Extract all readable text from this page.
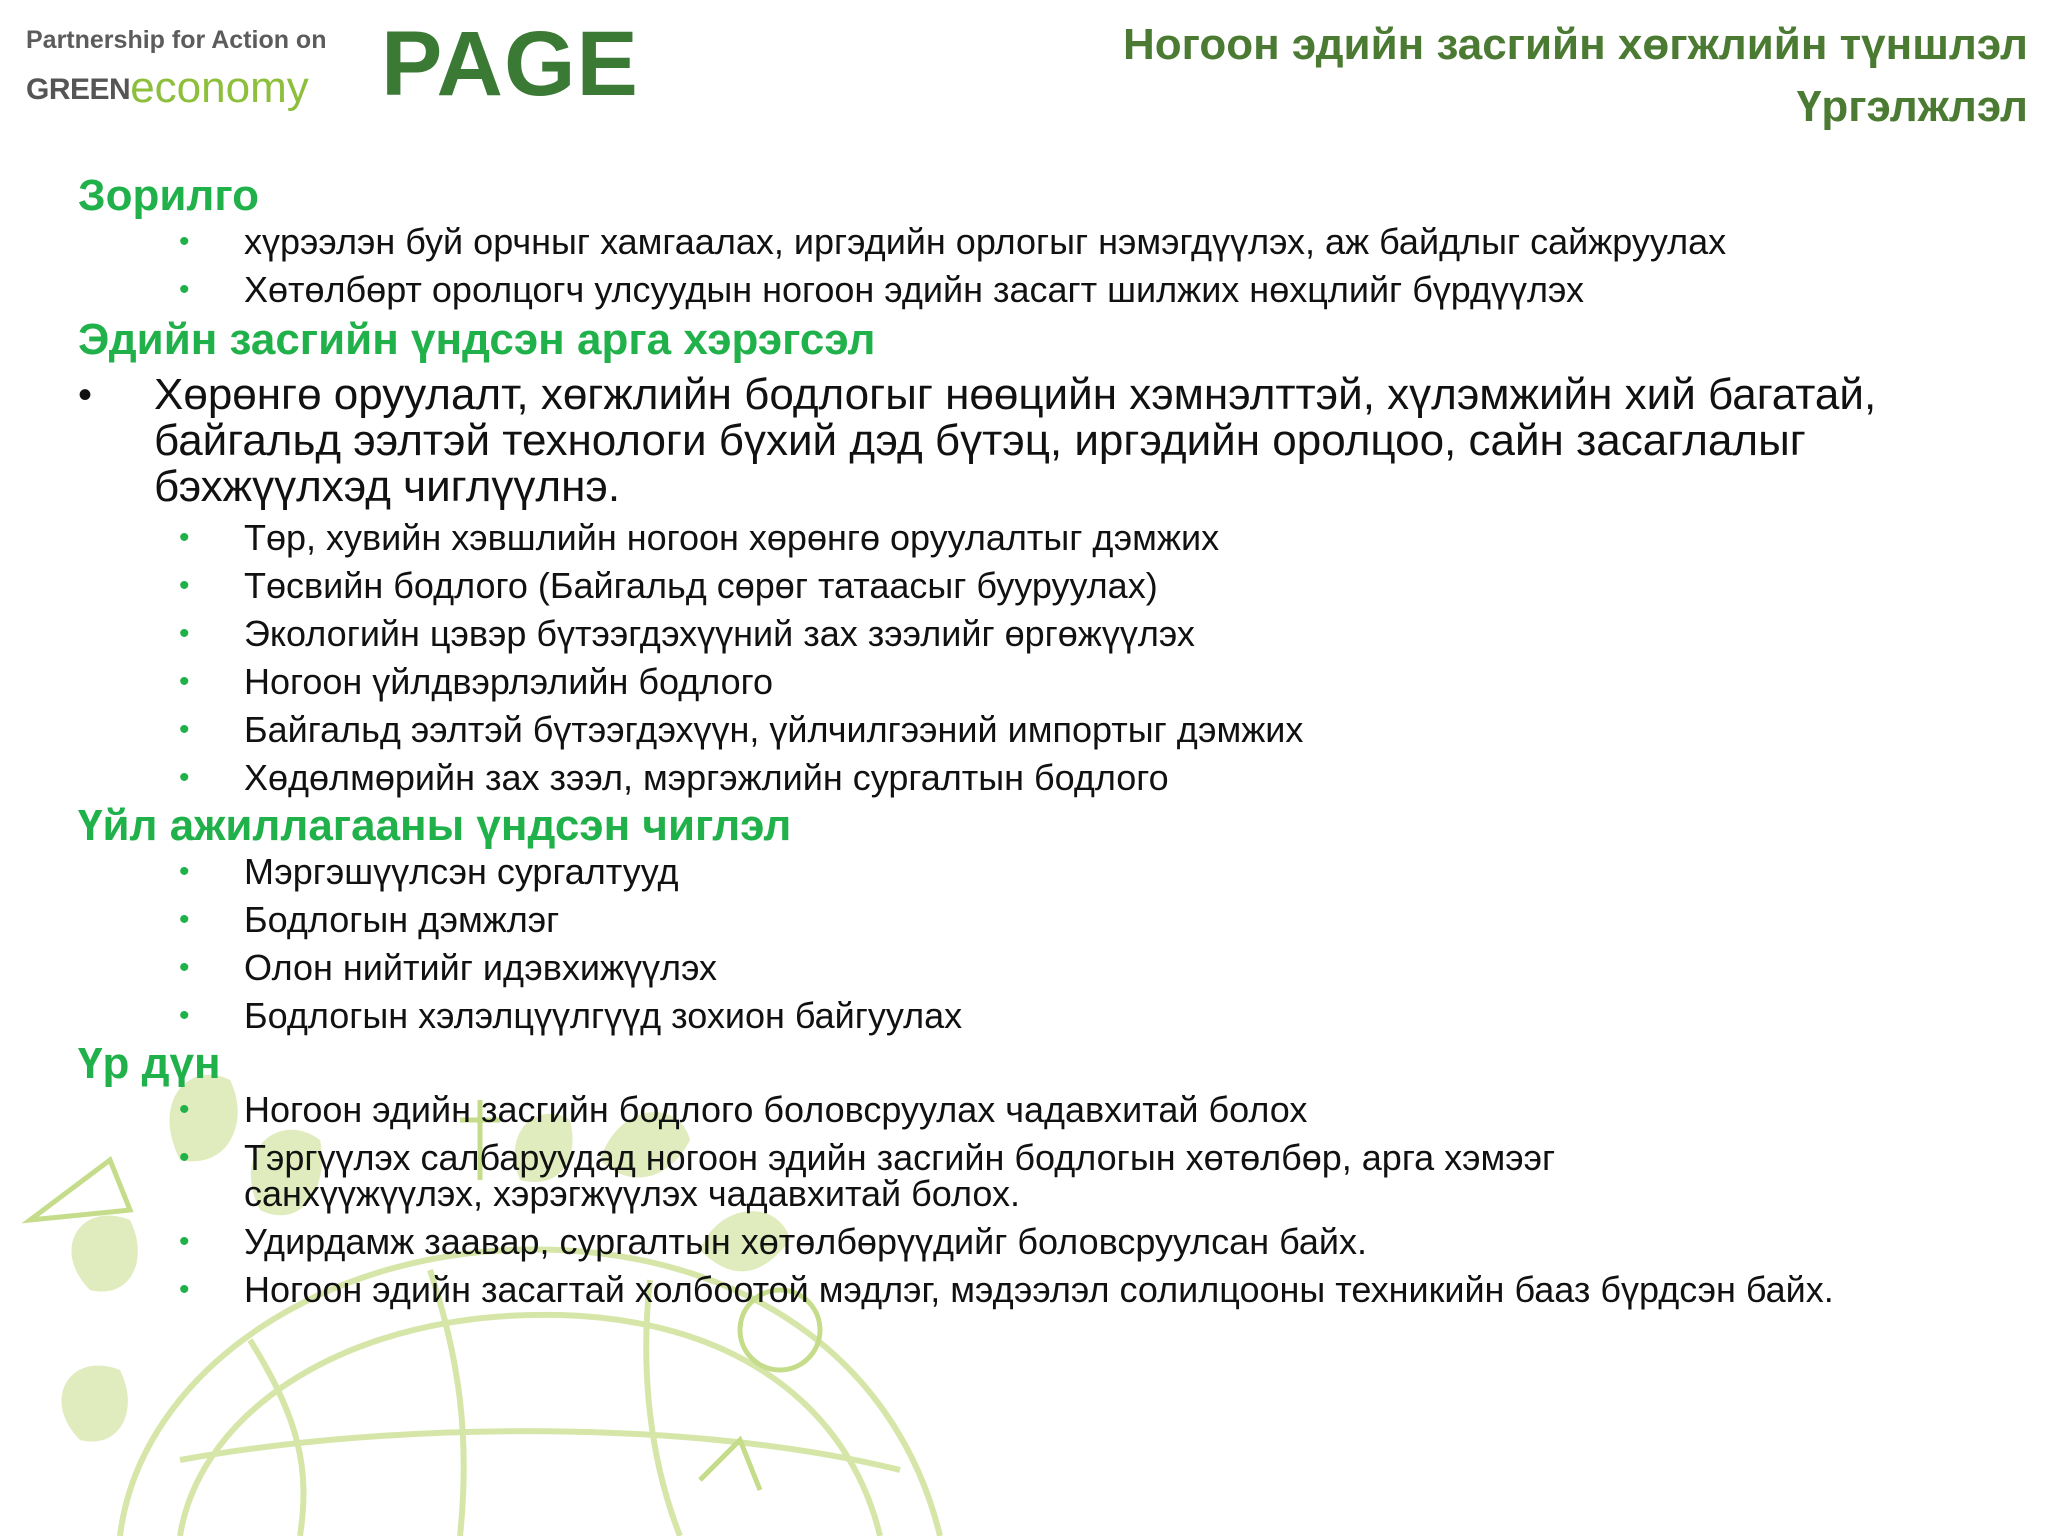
Partnership for Action on
GREENeconomy PAGE	Ногоон эдийн засгийн хөгжлийн түншлэл
Үргэлжлэл
Зорилго
• хүрээлэн буй орчныг хамгаалах, иргэдийн орлогыг нэмэгдүүлэх, аж байдлыг сайжруулах
• Хөтөлбөрт оролцогч улсуудын ногоон эдийн засагт шилжих нөхцлийг бүрдүүлэх
Эдийн засгийн үндсэн арга хэрэгсэл
• Хөрөнгө оруулалт, хөгжлийн бодлогыг нөөцийн хэмнэлттэй, хүлэмжийн хий багатай, байгальд ээлтэй технологи бүхий дэд бүтэц, иргэдийн оролцоо, сайн засаглалыг бэхжүүлхэд чиглүүлнэ.
• Төр, хувийн хэвшлийн ногоон хөрөнгө оруулалтыг дэмжих
• Төсвийн бодлого (Байгальд сөрөг татаасыг бууруулах)
• Экологийн цэвэр бүтээгдэхүүний зах зээлийг өргөжүүлэх
• Ногоон үйлдвэрлэлийн бодлого
• Байгальд ээлтэй бүтээгдэхүүн, үйлчилгээний импортыг дэмжих
• Хөдөлмөрийн зах зээл, мэргэжлийн сургалтын бодлого
Үйл ажиллагааны үндсэн чиглэл
• Мэргэшүүлсэн сургалтууд
• Бодлогын дэмжлэг
• Олон нийтийг идэвхижүүлэх
• Бодлогын хэлэлцүүлгүүд зохион байгуулах
Үр дүн
• Ногоон эдийн засгийн бодлого боловсруулах чадавхитай болох
• Тэргүүлэх салбаруудад ногоон эдийн засгийн бодлогын хөтөлбөр, арга хэмээг санхүүжүүлэх, хэрэгжүүлэх чадавхитай болох.
• Удирдамж заавар, сургалтын хөтөлбөрүүдийг боловсруулсан байх.
• Ногоон эдийн засагтай холбоотой мэдлэг, мэдээлэл солилцооны техникийн бааз бүрдсэн байх.
